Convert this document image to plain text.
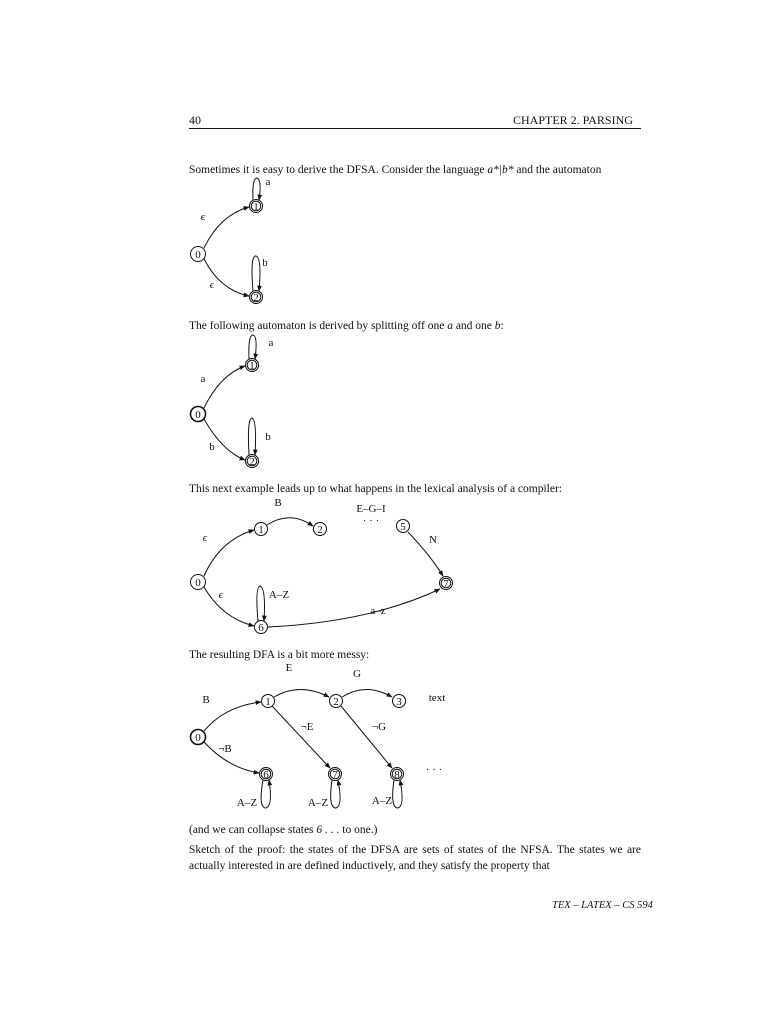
40	CHAPTER 2. PARSING
Sometimes it is easy to derive the DFSA. Consider the language a*|b* and the automaton
The following automaton is derived by splitting off one a and one b:
This next example leads up to what happens in the lexical analysis of a compiler:
The resulting DFA is a bit more messy:
(and we can collapse states 6 . . . to one.)
Sketch of the proof: the states of the DFSA are sets of states of the NFSA. The states we are actually interested in are defined inductively, and they satisfy the property that
TEX – LATEX – CS 594
0
1
2
ϵ
ϵ
a
b
0
1
2
a
b
a
b
0
1	2	5
7
6
ϵ
ϵ
B	E–G–I
· · ·
N
A–Z
a–z
0
1	2	3
6	7	8
B
¬B
E	G
text
¬E	¬G
· · ·
A–Z	A–Z	A–Z
